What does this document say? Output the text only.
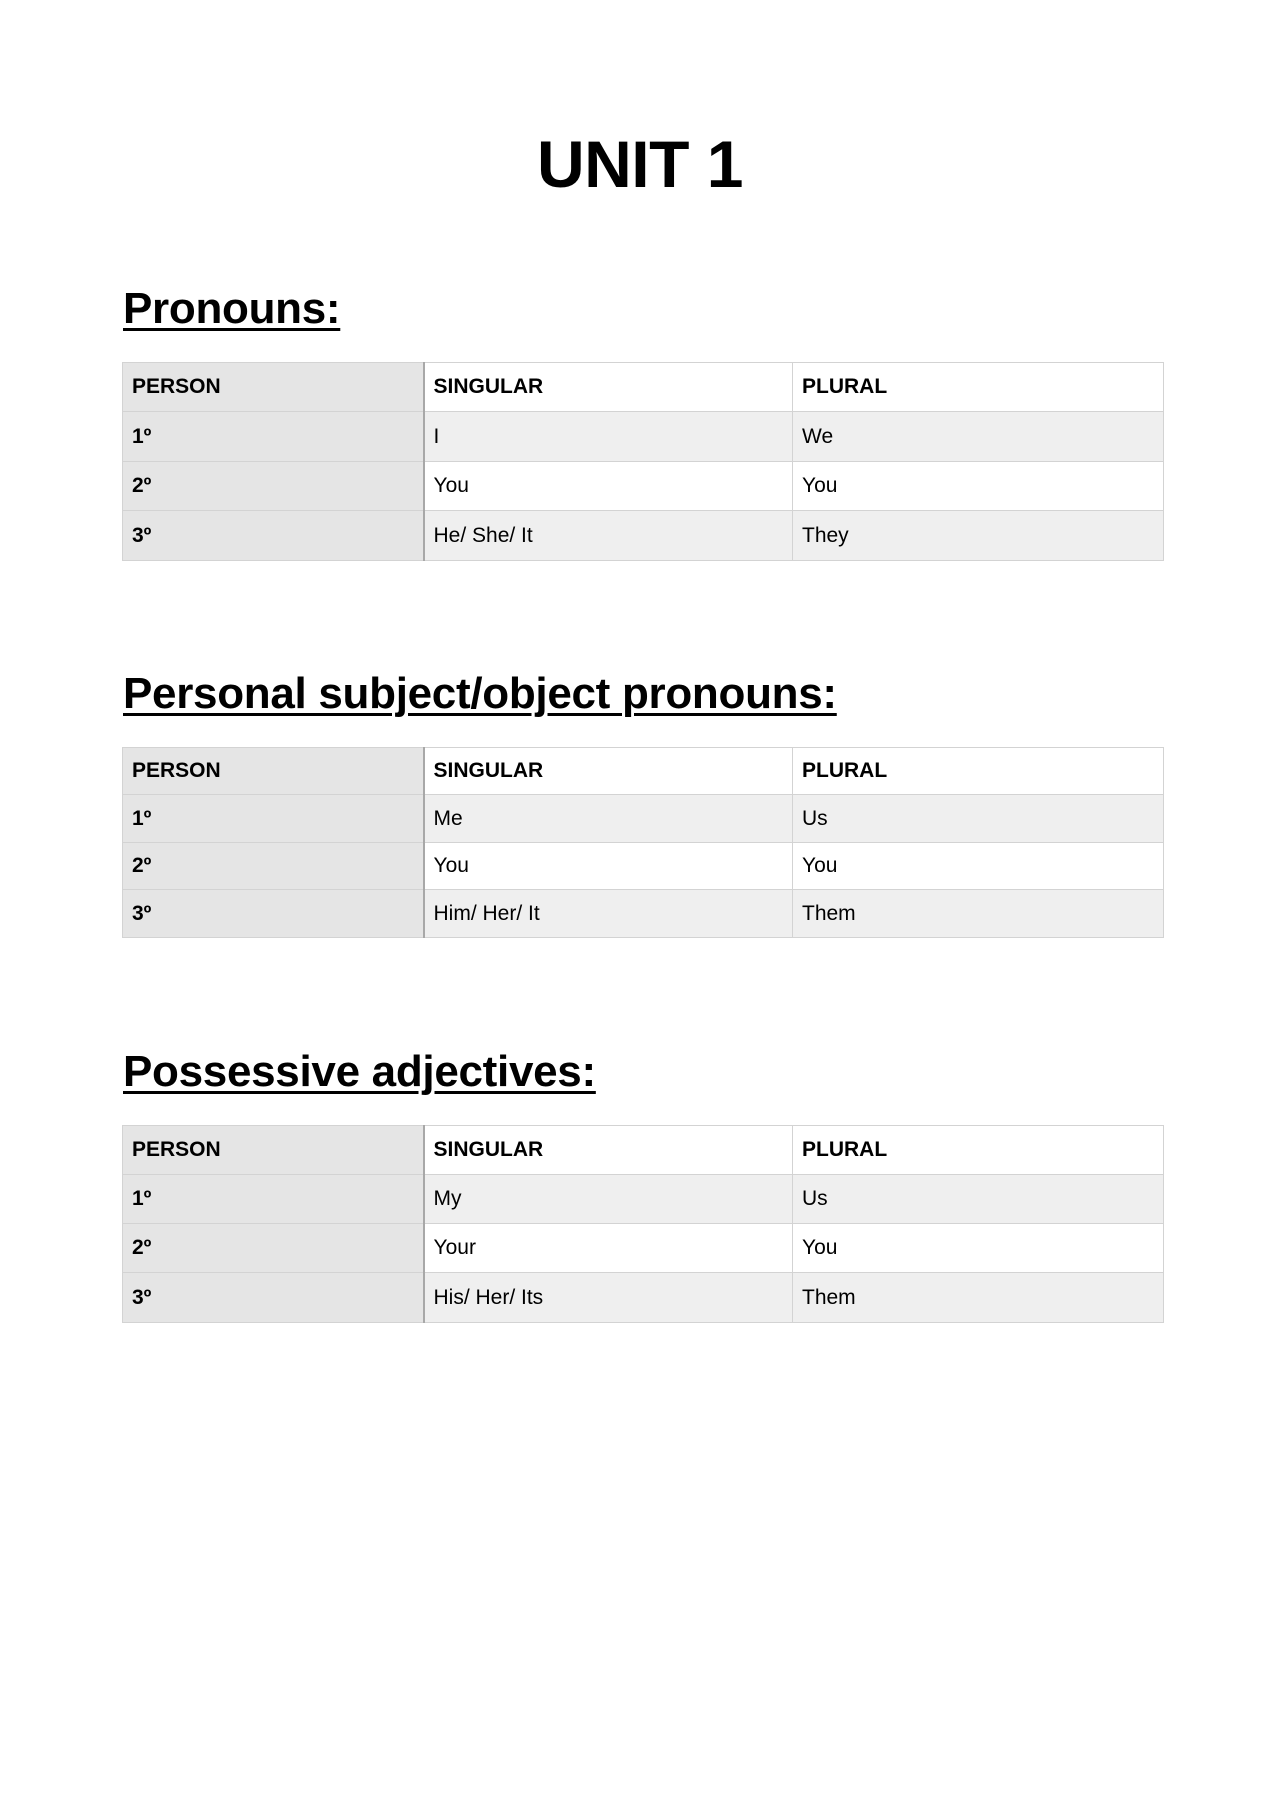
UNIT 1
Pronouns:
PERSON	SINGULAR	PLURAL
1º	I	We
2º	You	You
3º	He/ She/ It	They
Personal subject/object pronouns:
PERSON	SINGULAR	PLURAL
1º	Me	Us
2º	You	You
3º	Him/ Her/ It	Them
Possessive adjectives:
PERSON	SINGULAR	PLURAL
1º	My	Us
2º	Your	You
3º	His/ Her/ Its	Them
